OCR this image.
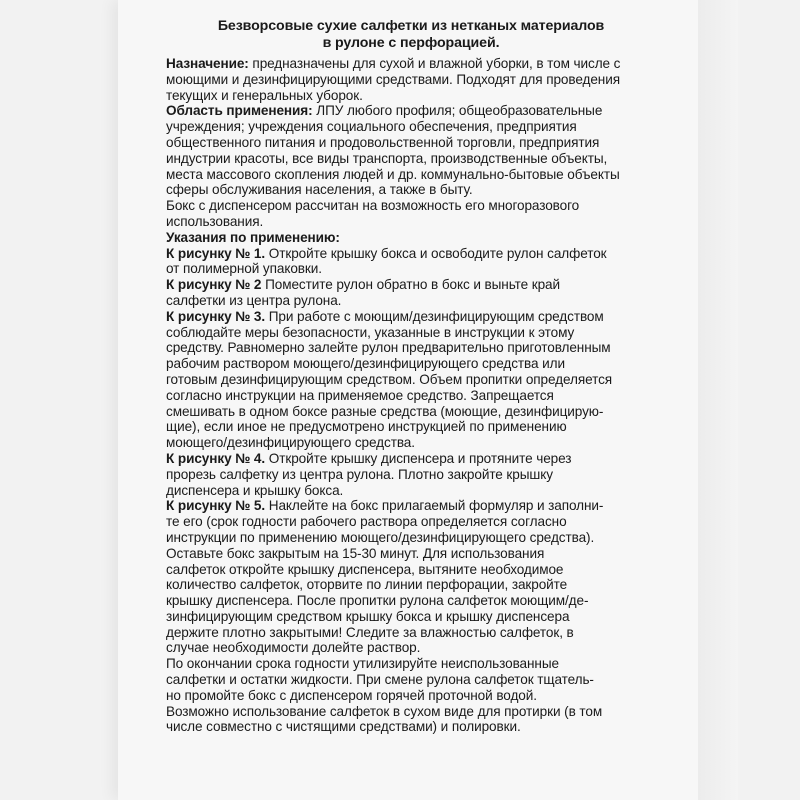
Безворсовые сухие салфетки из нетканых материалов
в рулоне с перфорацией.
Назначение: предназначены для сухой и влажной уборки, в том числе с
моющими и дезинфицирующими средствами. Подходят для проведения
текущих и генеральных уборок.
Область применения: ЛПУ любого профиля; общеобразовательные
учреждения; учреждения социального обеспечения, предприятия
общественного питания и продовольственной торговли, предприятия
индустрии красоты, все виды транспорта, производственные объекты,
места массового скопления людей и др. коммунально-бытовые объекты
сферы обслуживания населения, а также в быту.
Бокс с диспенсером рассчитан на возможность его многоразового
использования.
Указания по применению:
К рисунку № 1. Откройте крышку бокса и освободите рулон салфеток
от полимерной упаковки.
К рисунку № 2 Поместите рулон обратно в бокс и выньте край
салфетки из центра рулона.
К рисунку № 3. При работе с моющим/дезинфицирующим средством
соблюдайте меры безопасности, указанные в инструкции к этому
средству. Равномерно залейте рулон предварительно приготовленным
рабочим раствором моющего/дезинфицирующего средства или
готовым дезинфицирующим средством. Объем пропитки определяется
согласно инструкции на применяемое средство. Запрещается
смешивать в одном боксе разные средства (моющие, дезинфицирую-
щие), если иное не предусмотрено инструкцией по применению
моющего/дезинфицирующего средства.
К рисунку № 4. Откройте крышку диспенсера и протяните через
прорезь салфетку из центра рулона. Плотно закройте крышку
диспенсера и крышку бокса.
К рисунку № 5. Наклейте на бокс прилагаемый формуляр и заполни-
те его (срок годности рабочего раствора определяется согласно
инструкции по применению моющего/дезинфицирующего средства).
Оставьте бокс закрытым на 15-30 минут. Для использования
салфеток откройте крышку диспенсера, вытяните необходимое
количество салфеток, оторвите по линии перфорации, закройте
крышку диспенсера. После пропитки рулона салфеток моющим/де-
зинфицирующим средством крышку бокса и крышку диспенсера
держите плотно закрытыми! Следите за влажностью салфеток, в
случае необходимости долейте раствор.
По окончании срока годности утилизируйте неиспользованные
салфетки и остатки жидкости. При смене рулона салфеток тщатель-
но промойте бокс с диспенсером горячей проточной водой.
Возможно использование салфеток в сухом виде для протирки (в том
числе совместно с чистящими средствами) и полировки.
